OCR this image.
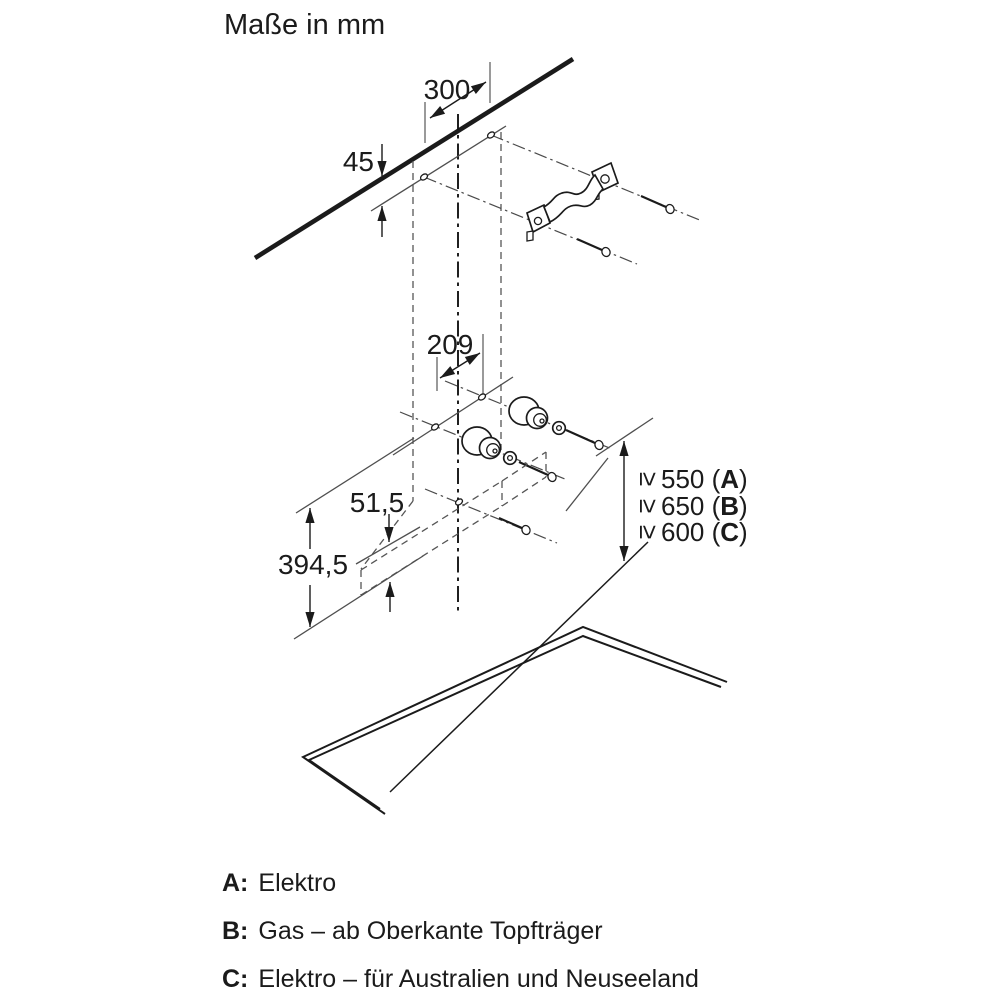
Maße in mm
300
45
209
51,5
394,5
≥
550 (A)
≥
650 (B)
≥
600 (C)
A: Elektro
B: Gas – ab Oberkante Topfträger
C: Elektro – für Australien und Neuseeland
